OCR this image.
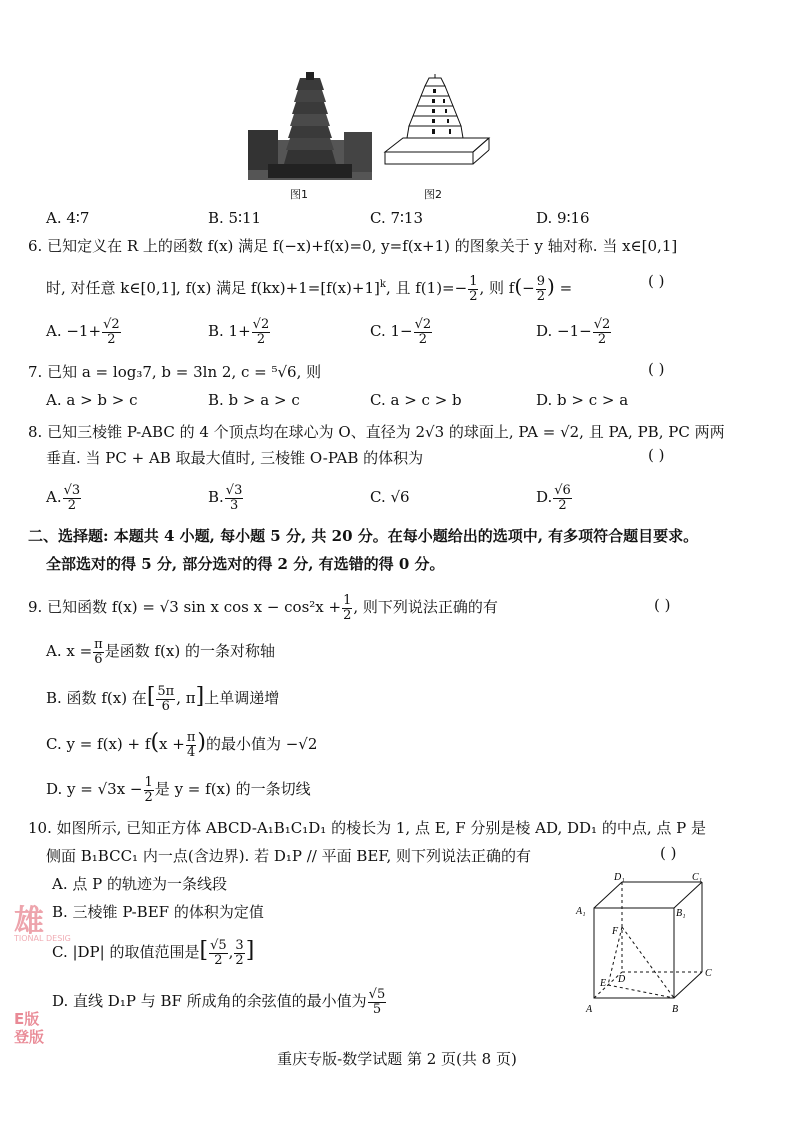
图1	图2
A. 4∶7	B. 5∶11	C. 7∶13	D. 9∶16
6. 已知定义在 R 上的函数 f(x) 满足 f(−x)+f(x)=0, y=f(x+1) 的图象关于 y 轴对称. 当 x∈[0,1]
时, 对任意 k∈[0,1], f(x) 满足 $f(kx)+1=[f(x)+1]^k$, 且 $f(1)=- \frac{1}{2}$ , 则 $f(- \frac{9}{2}$ ) =	( )
A. $-1+ \frac{√2}{2}$	B. $1+ \frac{√2}{2}$	C. $1- \frac{√2}{2}$	D. $-1- \frac{√2}{2}$
7. 已知 a = log₃7, b = 3ln 2, c = ⁵√6, 则	( )
A. a > b > c	B. b > a > c	C. a > c > b	D. b > c > a
8. 已知三棱锥 P-ABC 的 4 个顶点均在球心为 O、直径为 2√3 的球面上, PA = √2, 且 PA, PB, PC 两两
垂直. 当 PC + AB 取最大值时, 三棱锥 O-PAB 的体积为	( )
A. $\frac{√3}{2}$	B. $\frac{√3}{3}$	C. √6	D. $\frac{√6}{2}$
二、选择题: 本题共 4 小题, 每小题 5 分, 共 20 分。在每小题给出的选项中, 有多项符合题目要求。
全部选对的得 5 分, 部分选对的得 2 分, 有选错的得 0 分。
9. 已知函数 f(x) = √3 sin x $\cos x - \cos^2x + \frac{1}{2}$ , 则下列说法正确的有	( )
A. $x = \frac{\pi}{6}$ 是函数 f(x) 的一条对称轴
B. 函数 f(x) 在[ $\frac{5\pi}{6}$ , π]上单调递增
C. $y = f(x) + f(x + \frac{\pi}{4}$ )的最小值为 −√2
D. $y = √3x - \frac{1}{2}$ 是 y = f(x) 的一条切线
10. 如图所示, 已知正方体 ABCD-A₁B₁C₁D₁ 的棱长为 1, 点 E, F 分别是棱 AD, DD₁ 的中点, 点 P 是
侧面 B₁BCC₁ 内一点(含边界). 若 D₁P // 平面 BEF, 则下列说法正确的有	( )
A. 点 P 的轨迹为一条线段
B. 三棱锥 P-BEF 的体积为定值
C. |DP| 的取值范围是[ $\frac{√5}{2}$ , $\frac{3}{2}$ ]
D. 直线 D₁P 与 BF 所成角的余弦值的最小值为 $\frac{√5}{5}$
D₁	C₁
A₁	B₁
F
C
E D
A	B
雄
TIONAL DESIG
E版
登版
重庆专版-数学试题 第 2 页(共 8 页)
